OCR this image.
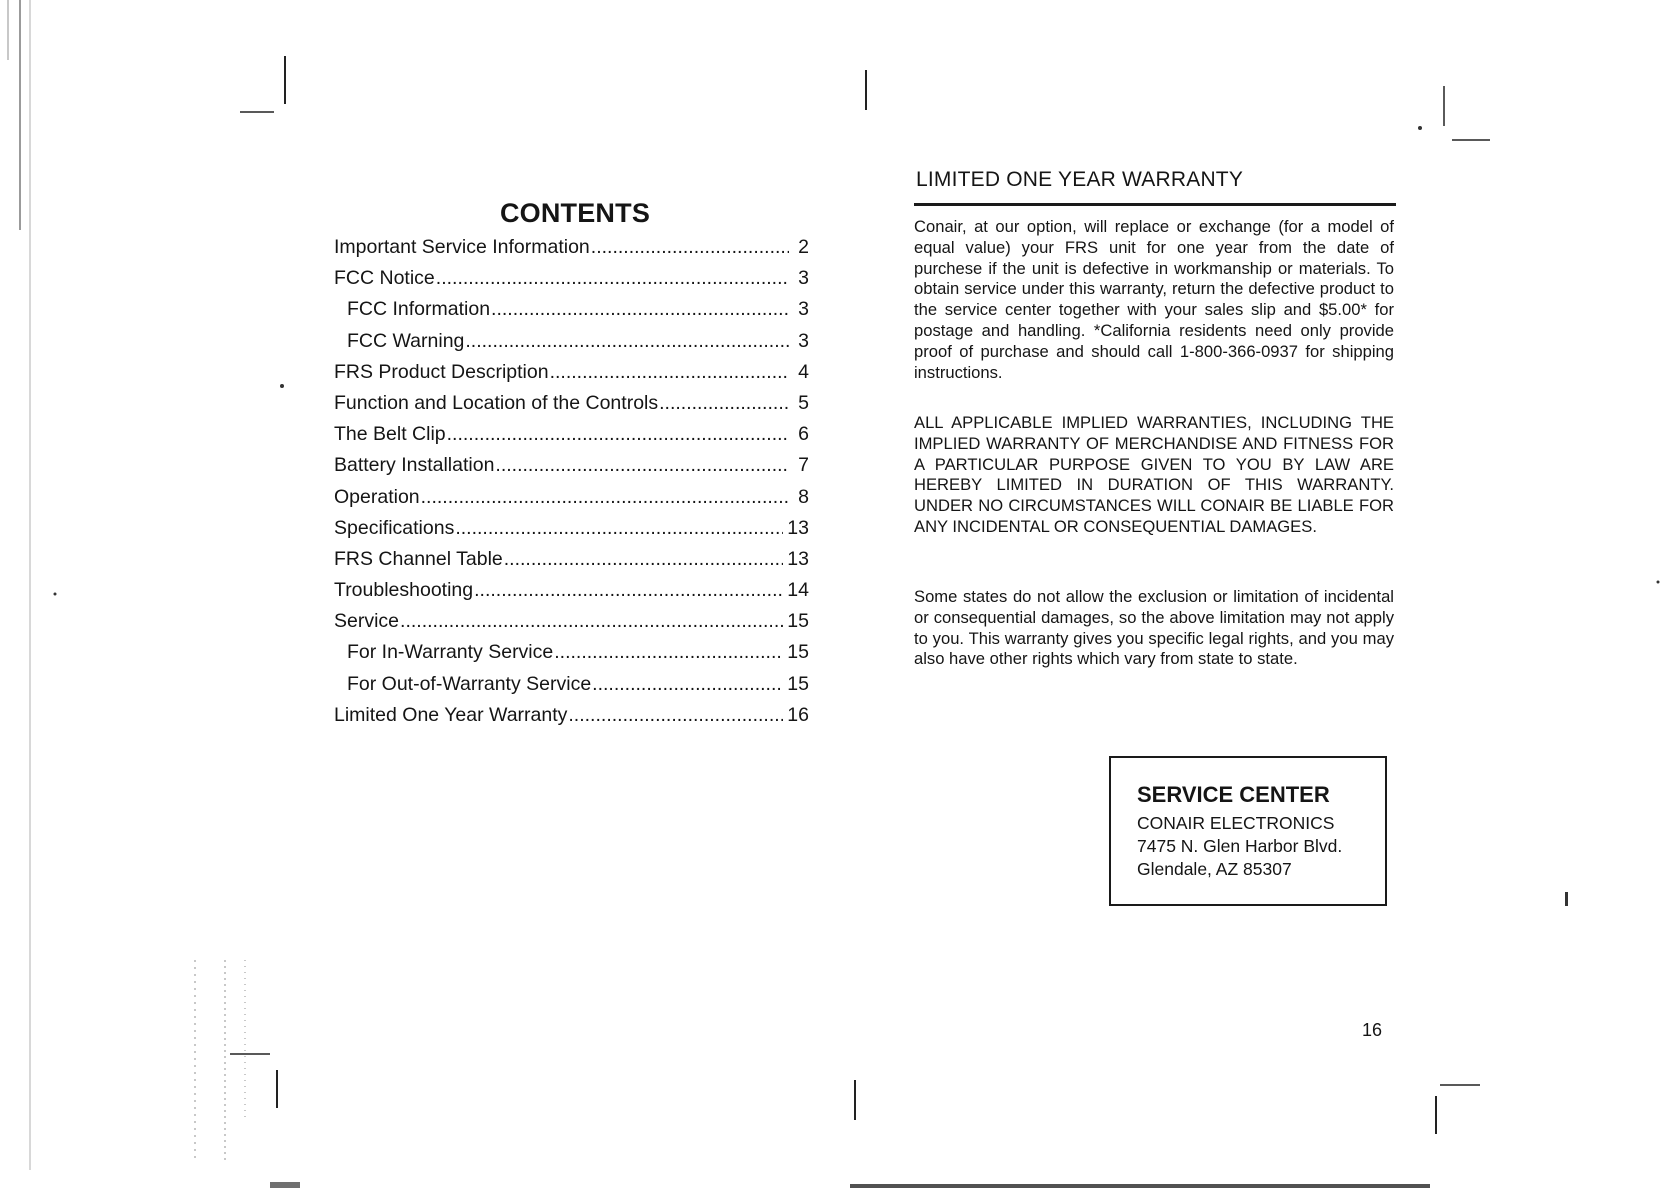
CONTENTS
Important Service Information .....	2
FCC Notice .....	3
FCC Information .....	3
FCC Warning .....	3
FRS Product Description .....	4
Function and Location of the Controls .....	5
The Belt Clip .....	6
Battery Installation .....	7
Operation .....	8
Specifications .....	13
FRS Channel Table .....	13
Troubleshooting .....	14
Service .....	15
For In-Warranty Service .....	15
For Out-of-Warranty Service .....	15
Limited One Year Warranty .....	16
LIMITED ONE YEAR WARRANTY

Conair, at our option, will replace or exchange (for a model of equal value) your FRS unit for one year from the date of purchese if the unit is defective in workmanship or materials. To obtain service under this warranty, return the defective product to the service center together with your sales slip and $5.00* for postage and handling. *California residents need only provide proof of purchase and should call 1-800-366-0937 for shipping instructions.

ALL APPLICABLE IMPLIED WARRANTIES, INCLUDING THE IMPLIED WARRANTY OF MERCHANDISE AND FITNESS FOR A PARTICULAR PURPOSE GIVEN TO YOU BY LAW ARE HEREBY LIMITED IN DURATION OF THIS WARRANTY. UNDER NO CIRCUMSTANCES WILL CONAIR BE LIABLE FOR ANY INCIDENTAL OR CONSEQUENTIAL DAMAGES.

Some states do not allow the exclusion or limitation of incidental or consequential damages, so the above limitation may not apply to you. This warranty gives you specific legal rights, and you may also have other rights which vary from state to state.

SERVICE CENTER
CONAIR ELECTRONICS
7475 N. Glen Harbor Blvd.
Glendale, AZ 85307
16
